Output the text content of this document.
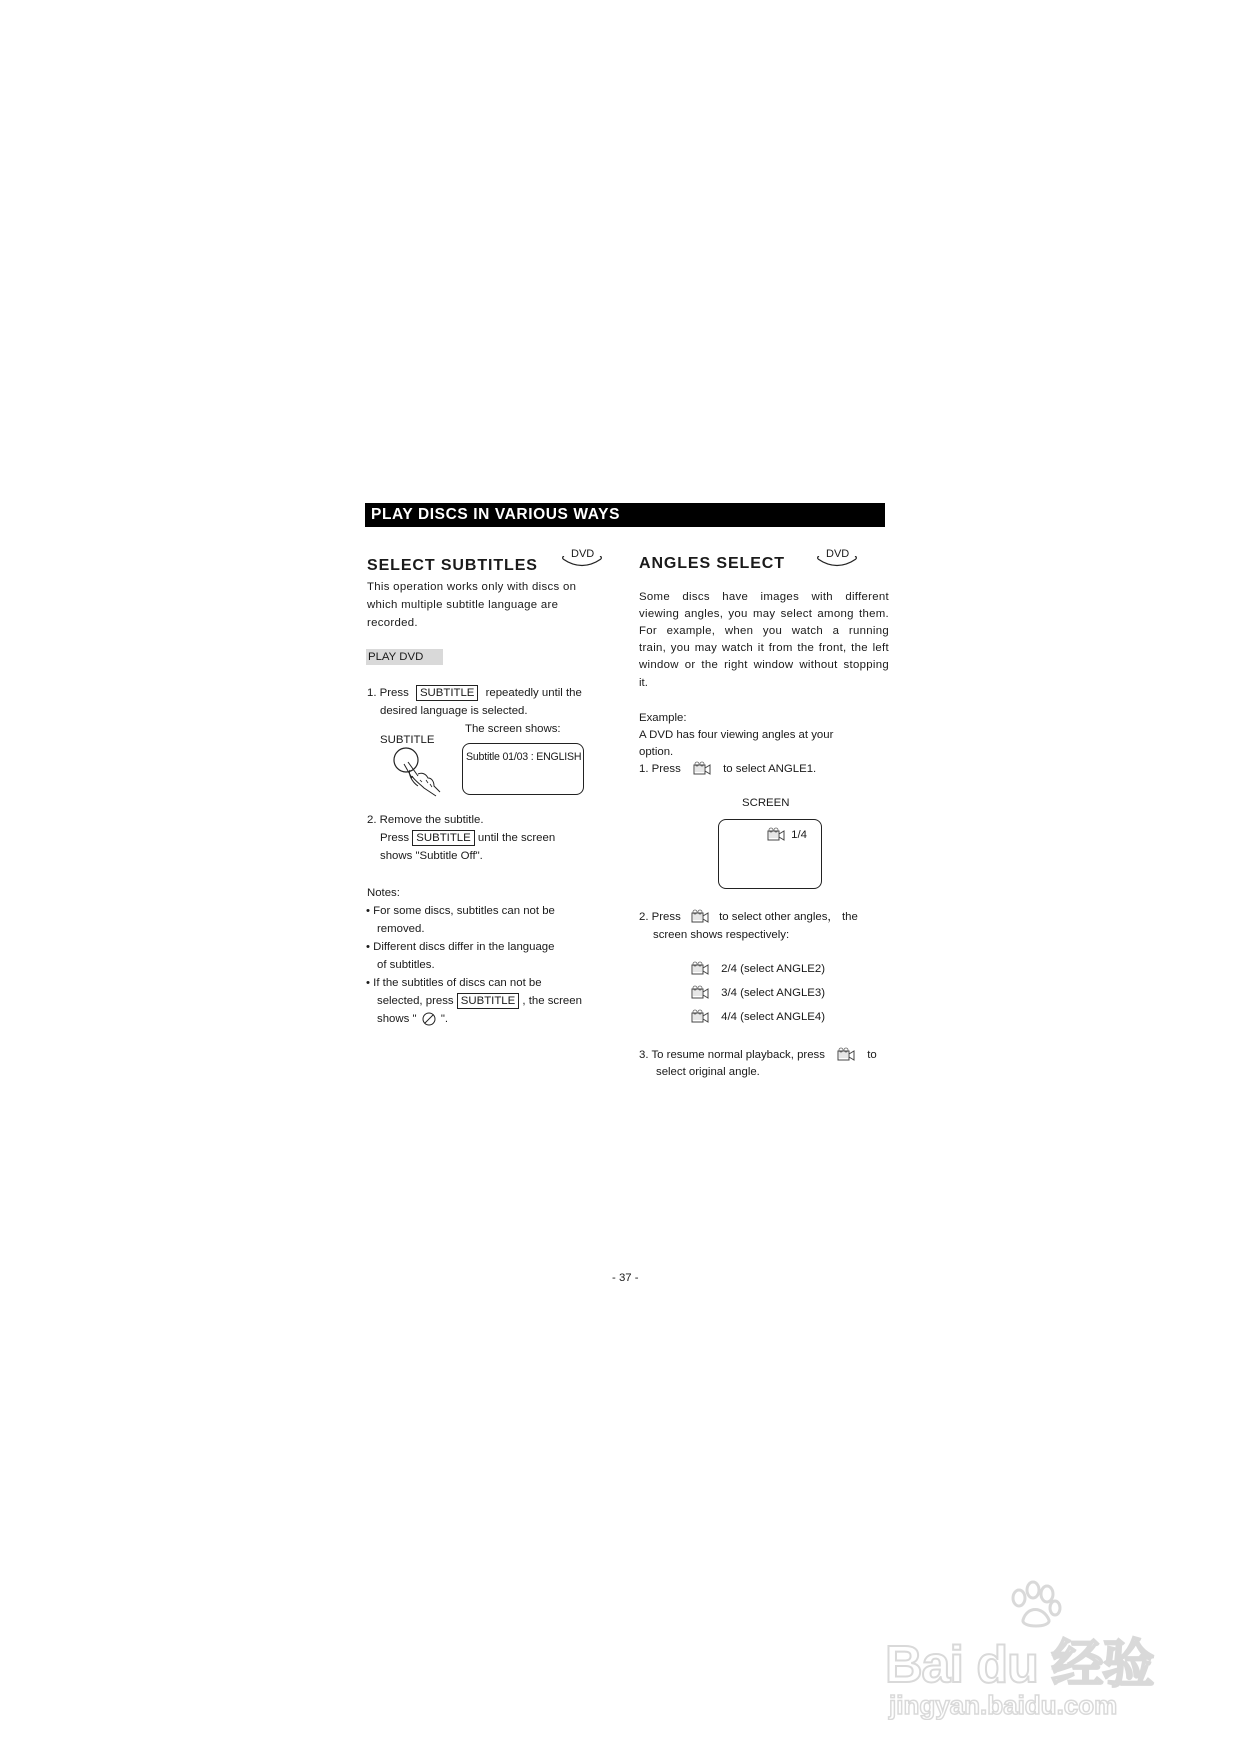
PLAY DISCS IN VARIOUS WAYS
SELECT SUBTITLES
DVD
This operation works only with discs on
which multiple subtitle language are
recorded.
PLAY DVD
1. Press SUBTITLE repeatedly until the
desired language is selected.
The screen shows:
SUBTITLE
Subtitle 01/03 : ENGLISH
2. Remove the subtitle.
Press SUBTITLE until the screen
shows "Subtitle Off".
Notes:
• For some discs, subtitles can not be
removed.
• Different discs differ in the language
of subtitles.
• If the subtitles of discs can not be
selected, press SUBTITLE , the screen
shows " ".
ANGLES SELECT
DVD
Some discs have images with different
viewing angles, you may select among them.
For example, when you watch a running
train, you may watch it from the front, the left
window or the right window without stopping
it.
Example:
A DVD has four viewing angles at your
option.
1. Press	to select ANGLE1.
SCREEN
1/4
2. Press	to select other angles， the
screen shows respectively:
2/4 (select ANGLE2)
3/4 (select ANGLE3)
4/4 (select ANGLE4)
3. To resume normal playback, press	to
select original angle.
- 37 -
Bai du 经验
jingyan.baidu.com
